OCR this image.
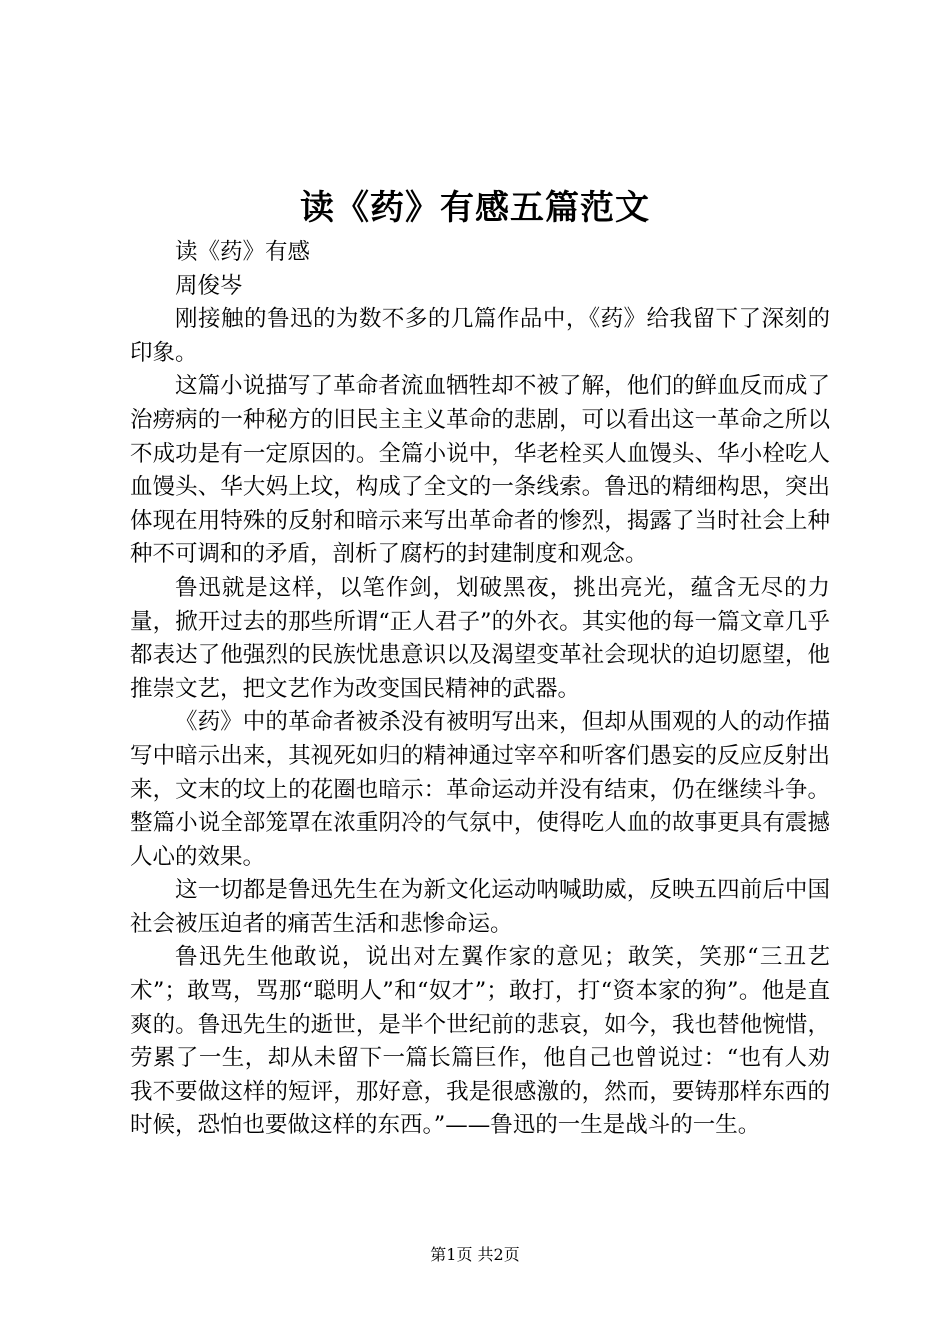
读《药》有感五篇范文

读《药》有感

周俊岑

刚接触的鲁迅的为数不多的几篇作品中，《药》给我留下了深刻的印象。

这篇小说描写了革命者流血牺牲却不被了解，他们的鲜血反而成了治痨病的一种秘方的旧民主主义革命的悲剧，可以看出这一革命之所以不成功是有一定原因的。全篇小说中，华老栓买人血馒头、华小栓吃人血馒头、华大妈上坟，构成了全文的一条线索。鲁迅的精细构思，突出体现在用特殊的反射和暗示来写出革命者的惨烈，揭露了当时社会上种种不可调和的矛盾，剖析了腐朽的封建制度和观念。

鲁迅就是这样，以笔作剑，划破黑夜，挑出亮光，蕴含无尽的力量，掀开过去的那些所谓“正人君子”的外衣。其实他的每一篇文章几乎都表达了他强烈的民族忧患意识以及渴望变革社会现状的迫切愿望，他推崇文艺，把文艺作为改变国民精神的武器。

《药》中的革命者被杀没有被明写出来，但却从围观的人的动作描写中暗示出来，其视死如归的精神通过宰卒和听客们愚妄的反应反射出来，文末的坟上的花圈也暗示：革命运动并没有结束，仍在继续斗争。整篇小说全部笼罩在浓重阴冷的气氛中，使得吃人血的故事更具有震撼人心的效果。

这一切都是鲁迅先生在为新文化运动呐喊助威，反映五四前后中国社会被压迫者的痛苦生活和悲惨命运。

鲁迅先生他敢说，说出对左翼作家的意见；敢笑，笑那“三丑艺术”；敢骂，骂那“聪明人”和“奴才”；敢打，打“资本家的狗”。他是直爽的。鲁迅先生的逝世，是半个世纪前的悲哀，如今，我也替他惋惜，劳累了一生，却从未留下一篇长篇巨作，他自己也曾说过：“也有人劝我不要做这样的短评，那好意，我是很感激的，然而，要铸那样东西的时候，恐怕也要做这样的东西。”——鲁迅的一生是战斗的一生。

第1页 共2页
